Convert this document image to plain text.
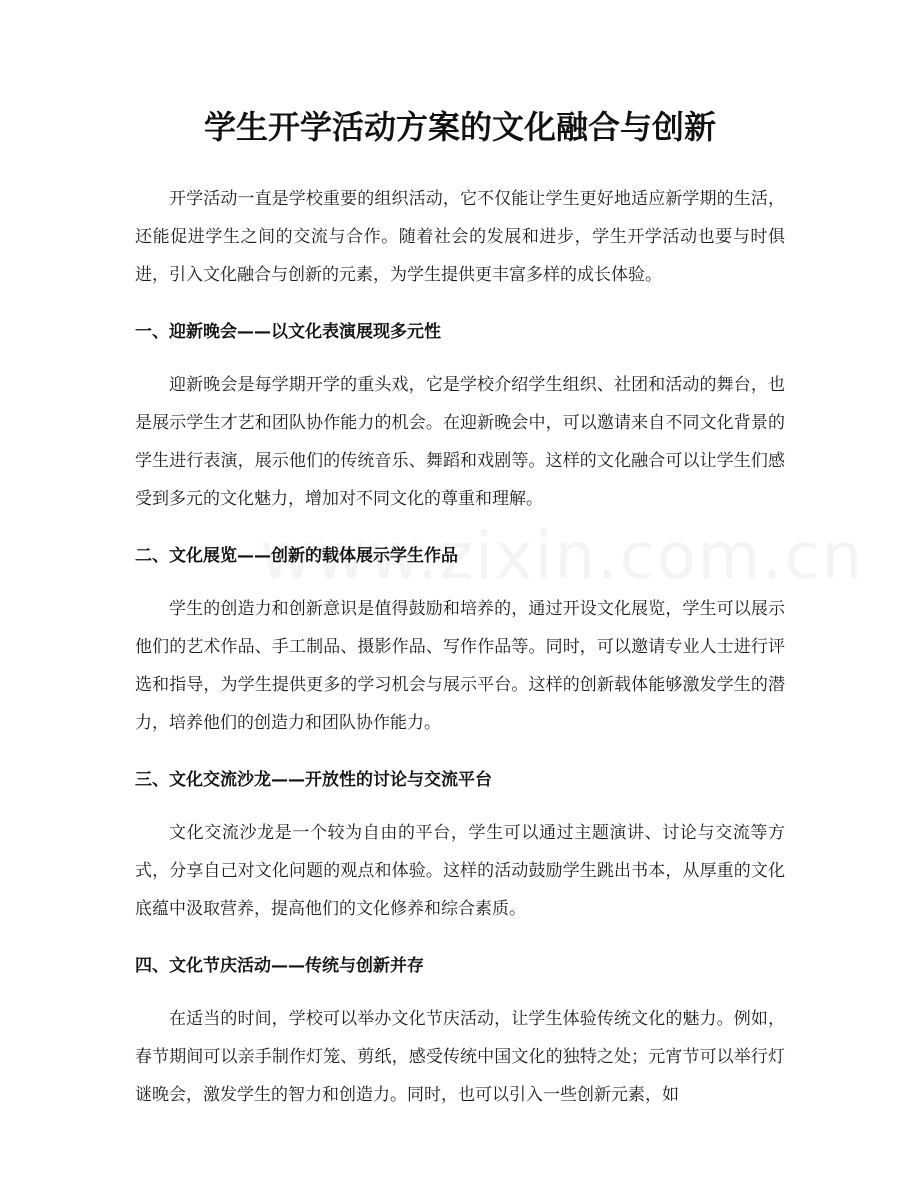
学生开学活动方案的文化融合与创新

开学活动一直是学校重要的组织活动，它不仅能让学生更好地适应新学期的生活，还能促进学生之间的交流与合作。随着社会的发展和进步，学生开学活动也要与时俱进，引入文化融合与创新的元素，为学生提供更丰富多样的成长体验。

一、迎新晚会——以文化表演展现多元性

迎新晚会是每学期开学的重头戏，它是学校介绍学生组织、社团和活动的舞台，也是展示学生才艺和团队协作能力的机会。在迎新晚会中，可以邀请来自不同文化背景的学生进行表演，展示他们的传统音乐、舞蹈和戏剧等。这样的文化融合可以让学生们感受到多元的文化魅力，增加对不同文化的尊重和理解。

二、文化展览——创新的载体展示学生作品

学生的创造力和创新意识是值得鼓励和培养的，通过开设文化展览，学生可以展示他们的艺术作品、手工制品、摄影作品、写作作品等。同时，可以邀请专业人士进行评选和指导，为学生提供更多的学习机会与展示平台。这样的创新载体能够激发学生的潜力，培养他们的创造力和团队协作能力。

三、文化交流沙龙——开放性的讨论与交流平台

文化交流沙龙是一个较为自由的平台，学生可以通过主题演讲、讨论与交流等方式，分享自己对文化问题的观点和体验。这样的活动鼓励学生跳出书本，从厚重的文化底蕴中汲取营养，提高他们的文化修养和综合素质。

四、文化节庆活动——传统与创新并存

在适当的时间，学校可以举办文化节庆活动，让学生体验传统文化的魅力。例如，春节期间可以亲手制作灯笼、剪纸，感受传统中国文化的独特之处；元宵节可以举行灯谜晚会，激发学生的智力和创造力。同时，也可以引入一些创新元素，如
